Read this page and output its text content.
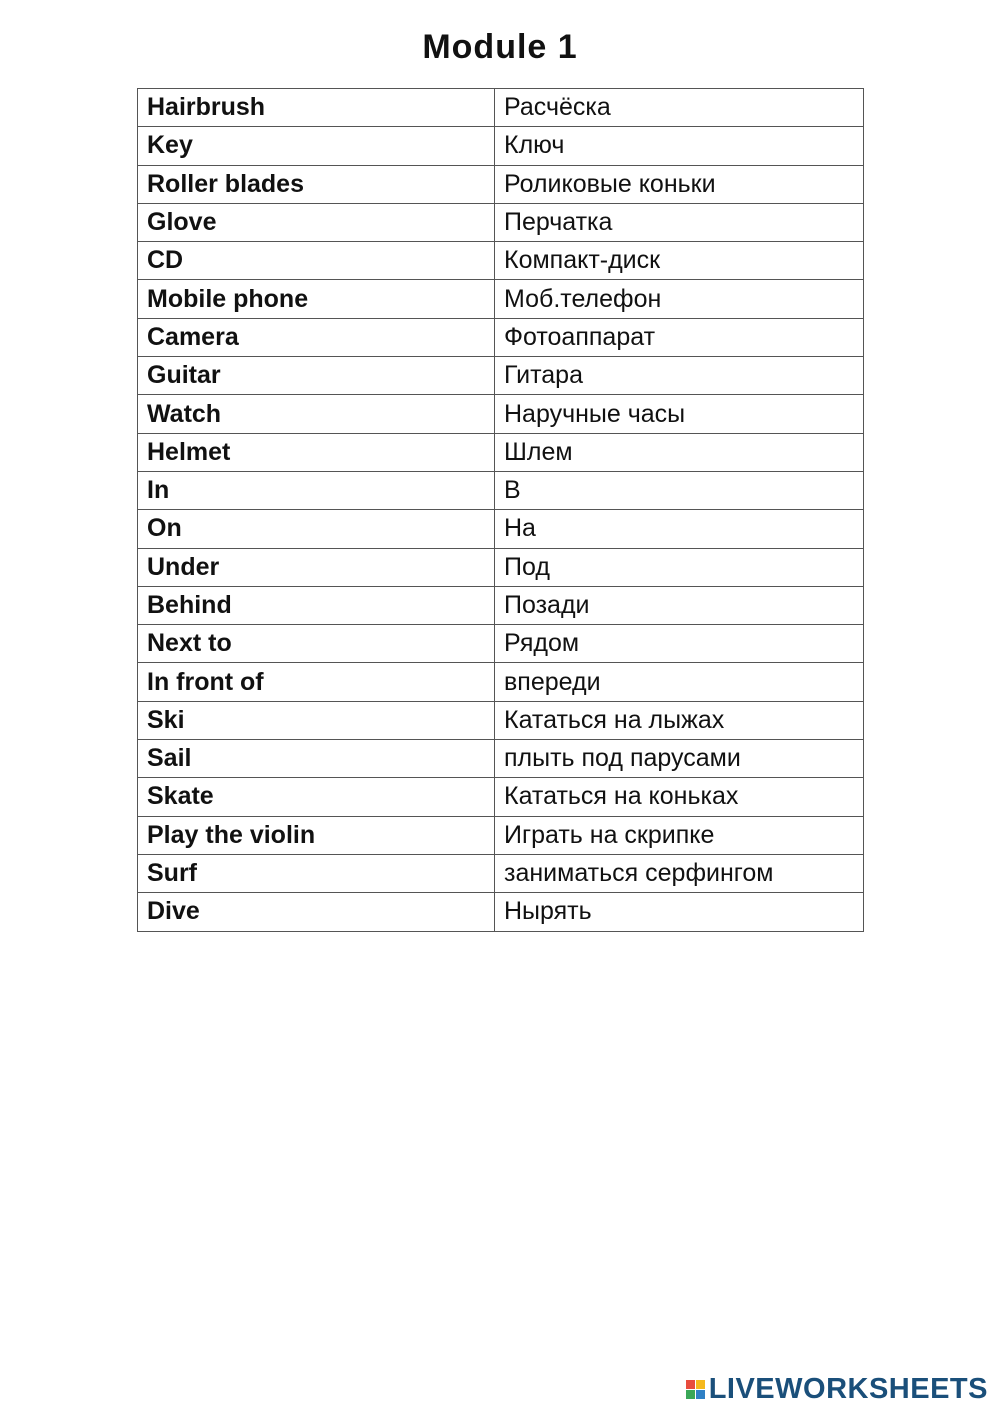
Module 1
Hairbrush	Расчёска
Key	Ключ
Roller blades	Роликовые коньки
Glove	Перчатка
CD	Компакт-диск
Mobile phone	Моб.телефон
Camera	Фотоаппарат
Guitar	Гитара
Watch	Наручные часы
Helmet	Шлем
In	В
On	На
Under	Под
Behind	Позади
Next to	Рядом
In front of	впереди
Ski	Кататься на лыжах
Sail	плыть под парусами
Skate	Кататься на коньках
Play the violin	Играть на скрипке
Surf	заниматься серфингом
Dive	Нырять
LIVEWORKSHEETS
